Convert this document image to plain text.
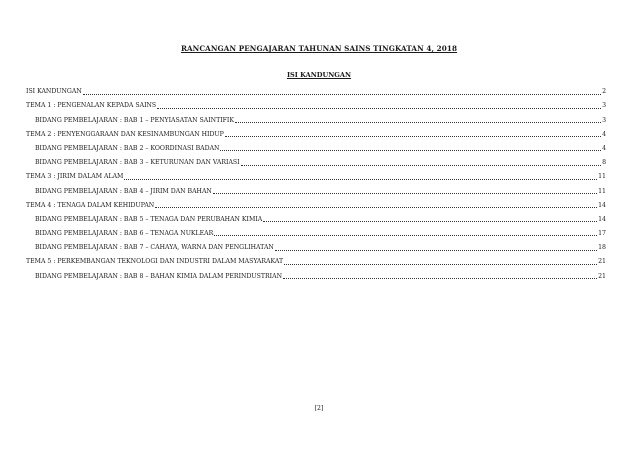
RANCANGAN PENGAJARAN TAHUNAN SAINS TINGKATAN 4, 2018
ISI KANDUNGAN
ISI KANDUNGAN	2
TEMA 1 : PENGENALAN KEPADA SAINS	3
BIDANG PEMBELAJARAN : BAB 1 – PENYIASATAN SAINTIFIK	3
TEMA 2 : PENYENGGARAAN DAN KESINAMBUNGAN HIDUP	4
BIDANG PEMBELAJARAN : BAB 2 – KOORDINASI BADAN	4
BIDANG PEMBELAJARAN : BAB 3 – KETURUNAN DAN VARIASI	8
TEMA 3 : JIRIM DALAM ALAM	11
BIDANG PEMBELAJARAN : BAB 4 – JIRIM DAN BAHAN	11
TEMA 4 : TENAGA DALAM KEHIDUPAN	14
BIDANG PEMBELAJARAN : BAB 5 – TENAGA DAN PERUBAHAN KIMIA	14
BIDANG PEMBELAJARAN : BAB 6 – TENAGA NUKLEAR	17
BIDANG PEMBELAJARAN : BAB 7 – CAHAYA, WARNA DAN PENGLIHATAN	18
TEMA 5 : PERKEMBANGAN TEKNOLOGI DAN INDUSTRI DALAM MASYARAKAT	21
BIDANG PEMBELAJARAN : BAB 8 – BAHAN KIMIA DALAM PERINDUSTRIAN	21
[2]
